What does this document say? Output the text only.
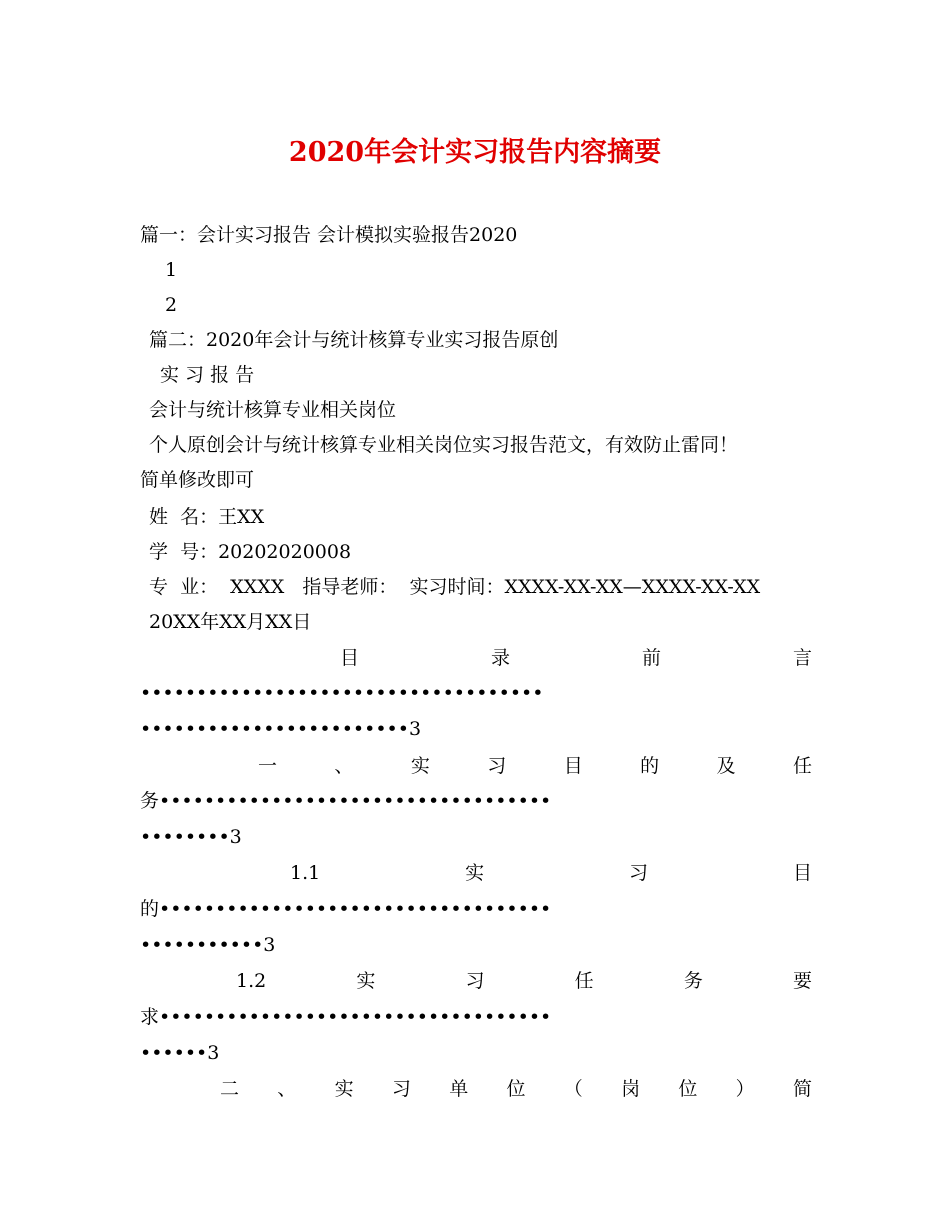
2020年会计实习报告内容摘要
篇一：会计实习报告 会计模拟实验报告2020
1
2
篇二：2020年会计与统计核算专业实习报告原创
实 习 报 告
会计与统计核算专业相关岗位
个人原创会计与统计核算专业相关岗位实习报告范文，有效防止雷同！
简单修改即可
姓  名：王XX
学  号：20202020008
专  业：  XXXX   指导老师：  实习时间：XXXX-XX-XX—XXXX-XX-XX
20XX年XX月XX日
目	录	前	言
••••••••••••••••••••••••••••••••••••
••••••••••••••••••••••••3
一	、	实	习	目	的	及	任
务•••••••••••••••••••••••••••••••••••
••••••••3
1.1	实	习	目
的•••••••••••••••••••••••••••••••••••
•••••••••••3
1.2	实	习	任	务	要
求•••••••••••••••••••••••••••••••••••
••••••3
二 、 实 习 单 位 （ 岗 位 ） 简
